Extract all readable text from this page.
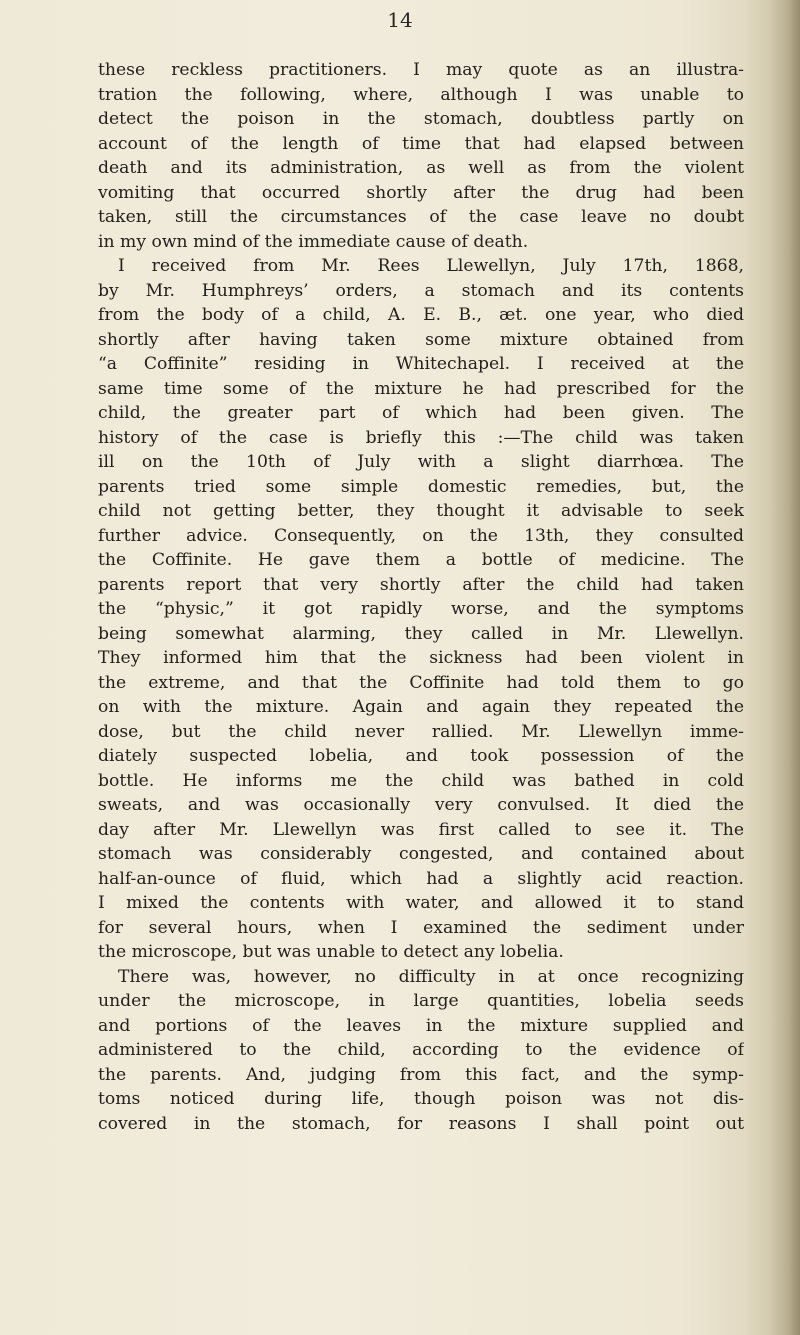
14
these reckless practitioners. I may quote as an illustra-
tration the following, where, although I was unable to
detect the poison in the stomach, doubtless partly on
account of the length of time that had elapsed between
death and its administration, as well as from the violent
vomiting that occurred shortly after the drug had been
taken, still the circumstances of the case leave no doubt
in my own mind of the immediate cause of death.
I received from Mr. Rees Llewellyn, July 17th, 1868,
by Mr. Humphreys’ orders, a stomach and its contents
from the body of a child, A. E. B., æt. one year, who died
shortly after having taken some mixture obtained from
“a Coffinite” residing in Whitechapel. I received at the
same time some of the mixture he had prescribed for the
child, the greater part of which had been given. The
history of the case is briefly this :—The child was taken
ill on the 10th of July with a slight diarrhœa. The
parents tried some simple domestic remedies, but, the
child not getting better, they thought it advisable to seek
further advice. Consequently, on the 13th, they consulted
the Coffinite. He gave them a bottle of medicine. The
parents report that very shortly after the child had taken
the “physic,” it got rapidly worse, and the symptoms
being somewhat alarming, they called in Mr. Llewellyn.
They informed him that the sickness had been violent in
the extreme, and that the Coffinite had told them to go
on with the mixture. Again and again they repeated the
dose, but the child never rallied. Mr. Llewellyn imme-
diately suspected lobelia, and took possession of the
bottle. He informs me the child was bathed in cold
sweats, and was occasionally very convulsed. It died the
day after Mr. Llewellyn was first called to see it. The
stomach was considerably congested, and contained about
half-an-ounce of fluid, which had a slightly acid reaction.
I mixed the contents with water, and allowed it to stand
for several hours, when I examined the sediment under
the microscope, but was unable to detect any lobelia.
There was, however, no difficulty in at once recognizing
under the microscope, in large quantities, lobelia seeds
and portions of the leaves in the mixture supplied and
administered to the child, according to the evidence of
the parents. And, judging from this fact, and the symp-
toms noticed during life, though poison was not dis-
covered in the stomach, for reasons I shall point out
